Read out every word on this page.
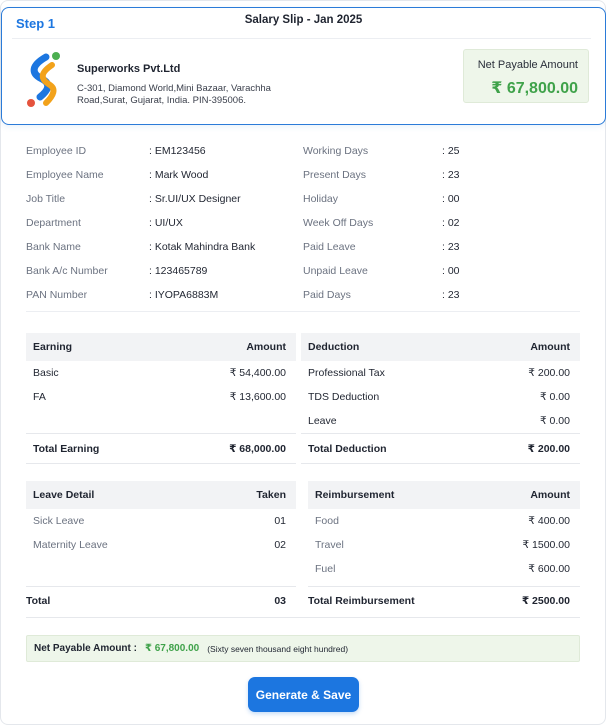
Step 1	Salary Slip - Jan 2025
Superworks Pvt.Ltd
C-301, Diamond World,Mini Bazaar, Varachha Road,Surat, Gujarat, India. PIN-395006.
Net Payable Amount
₹ 67,800.00
Employee ID	: EM123456
Employee Name	: Mark Wood
Job Title	: Sr.UI/UX Designer
Department	: UI/UX
Bank Name	: Kotak Mahindra Bank
Bank A/c Number	: 123465789
PAN Number	: IYOPA6883M
Working Days	: 25
Present Days	: 23
Holiday	: 00
Week Off Days	: 02
Paid Leave	: 23
Unpaid Leave	: 00
Paid Days	: 23
Earning	Amount
Basic	₹ 54,400.00
FA	₹ 13,600.00
Total Earning	₹ 68,000.00
Deduction	Amount
Professional Tax	₹ 200.00
TDS Deduction	₹ 0.00
Leave	₹ 0.00
Total Deduction	₹ 200.00
Leave Detail	Taken
Sick Leave	01
Maternity Leave	02
Total	03
Reimbursement	Amount
Food	₹ 400.00
Travel	₹ 1500.00
Fuel	₹ 600.00
Total Reimbursement	₹ 2500.00
Net Payable Amount : ₹ 67,800.00 (Sixty seven thousand eight hundred)
Generate & Save
